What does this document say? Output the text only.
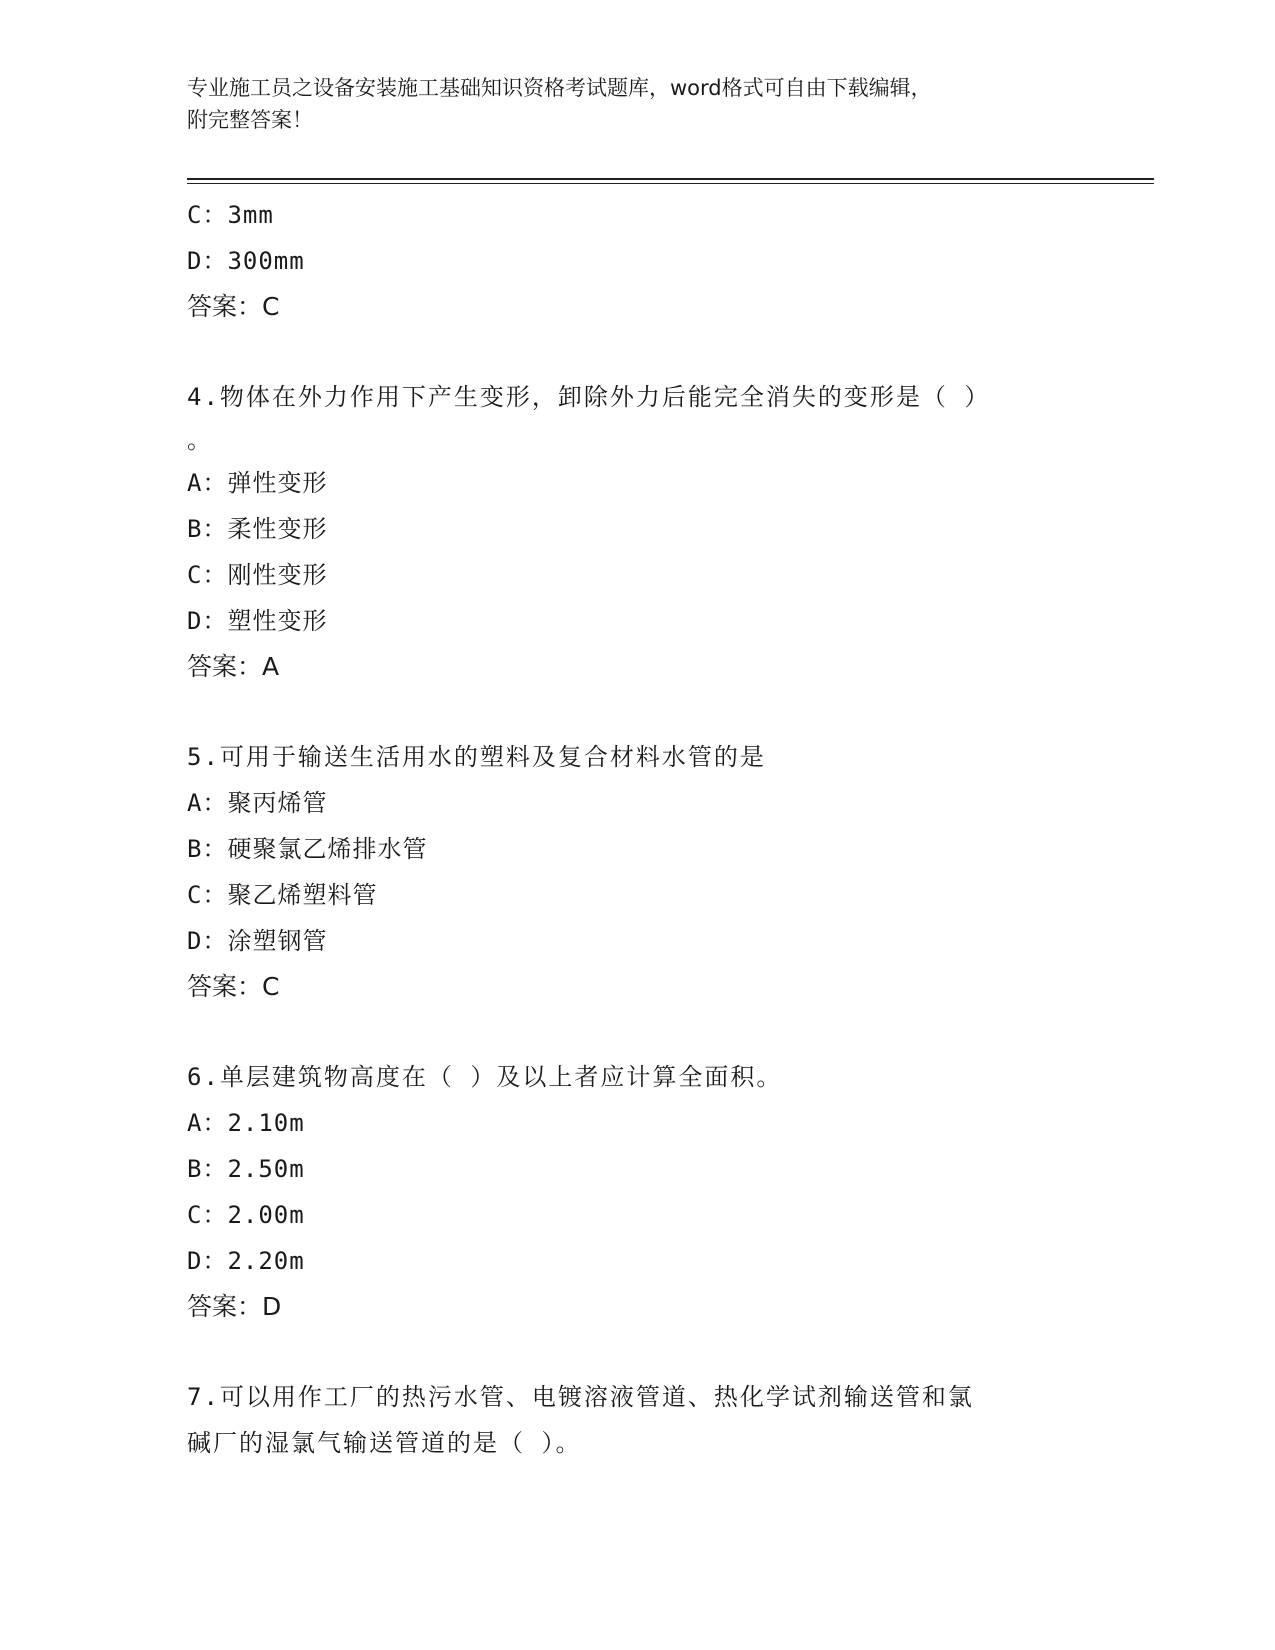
专业施工员之设备安装施工基础知识资格考试题库，word格式可自由下载编辑，
附完整答案！
C：3mm
D：300mm
答案：C
4.物体在外力作用下产生变形，卸除外力后能完全消失的变形是（ ）
。
A：弹性变形
B：柔性变形
C：刚性变形
D：塑性变形
答案：A
5.可用于输送生活用水的塑料及复合材料水管的是
A：聚丙烯管
B：硬聚氯乙烯排水管
C：聚乙烯塑料管
D：涂塑钢管
答案：C
6.单层建筑物高度在（ ）及以上者应计算全面积。
A：2.10m
B：2.50m
C：2.00m
D：2.20m
答案：D
7.可以用作工厂的热污水管、电镀溶液管道、热化学试剂输送管和氯
碱厂的湿氯气输送管道的是（ ）。
